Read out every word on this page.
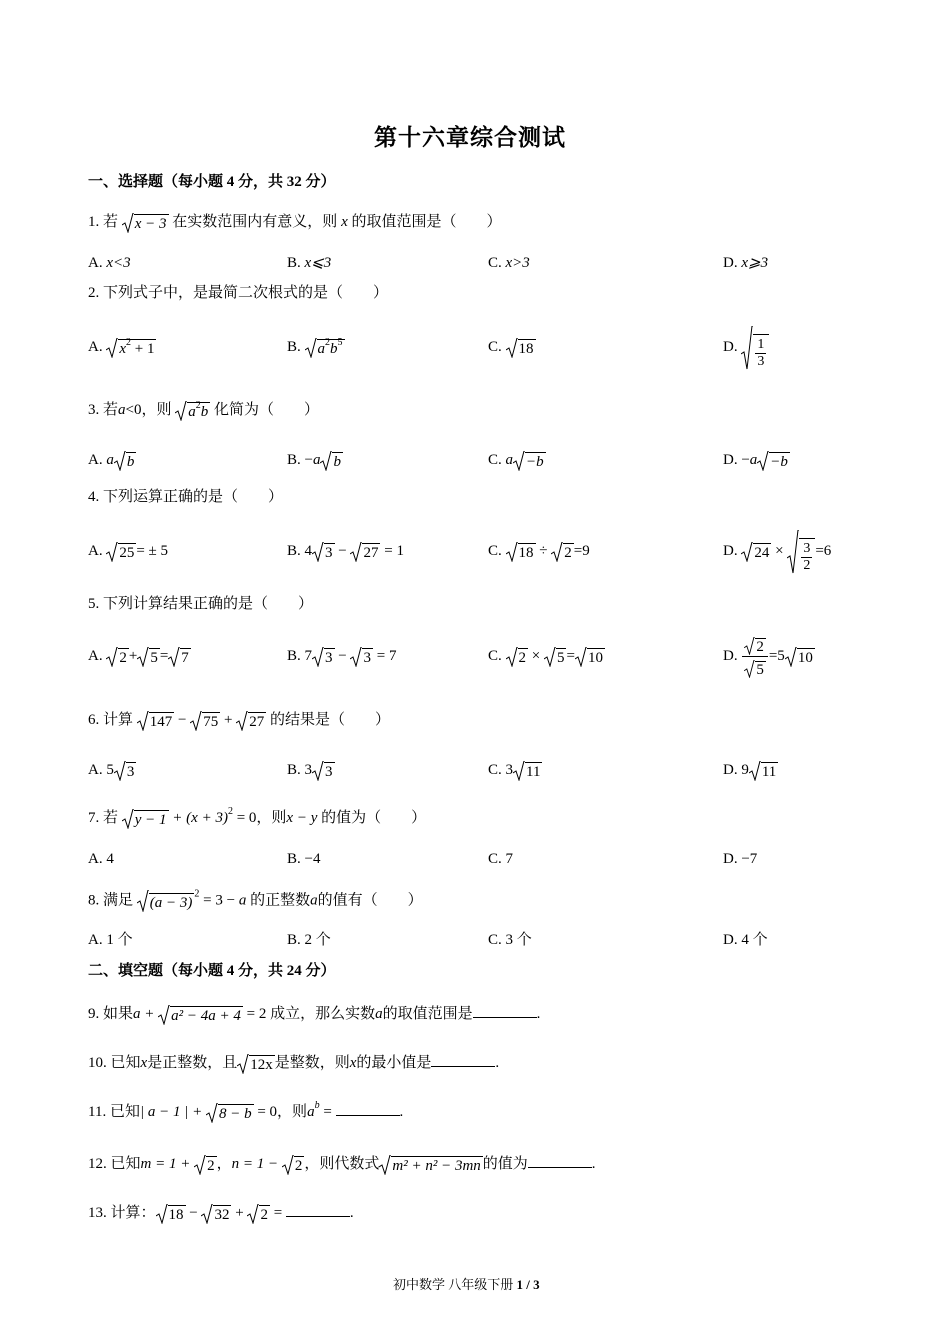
第十六章综合测试
一、选择题（每小题 4 分，共 32 分）
1. 若 x − 3 在实数范围内有意义，则 x 的取值范围是（　　）
A. x<3	B. x⩽3	C. x>3	D. x⩾3
2. 下列式子中，是最简二次根式的是（　　）
A. $x^2 + 1$	B. $a^2b^5$	C. 18	D. $\frac{1}{3}$
3. 若a<0，则 $a^2b$ 化简为（　　）
A. a b	B. −a b	C. a −b	D. −a −b
4. 下列运算正确的是（　　）
A. 25 = ± 5	B. 4 3 − 27 = 1	C. 18 ÷ 2 =9	D. $24 \times \frac{3}{2} =6$
5. 下列计算结果正确的是（　　）
A. 2 + 5 = 7	B. 7 3 − 3 = 7	C. 2 × 5 = 10	D. $\frac{2}{5} =5$ 10
6. 计算 147 − 75 + 27 的结果是（　　）
A. 5 3	B. 3 3	C. 3 11	D. 9 11
7. 若 $y - 1 + (x + 3)^2 = 0$，则x − y 的值为（　　）
A. 4	B. −4	C. 7	D. −7
8. 满足 (a − 3)
$^2$ = 3 − a 的正整数a的值有（　　）
A. 1 个	B. 2 个	C. 3 个	D. 4 个
二、填空题（每小题 4 分，共 24 分）
9. 如果a + a² − 4a + 4 = 2 成立，那么实数a的取值范围是	.
10. 已知x是正整数，且 12x 是整数，则x的最小值是	.
11. 已知| a − 1 | + 8 − b = 0，则$a^b$ =	.
12. 已知m = 1 + 2 ，n = 1 − 2 ，则代数式 m² + n² − 3mn 的值为	.
13. 计算： 18 − 32 + 2 =	.
初中数学 八年级下册 1 / 3
